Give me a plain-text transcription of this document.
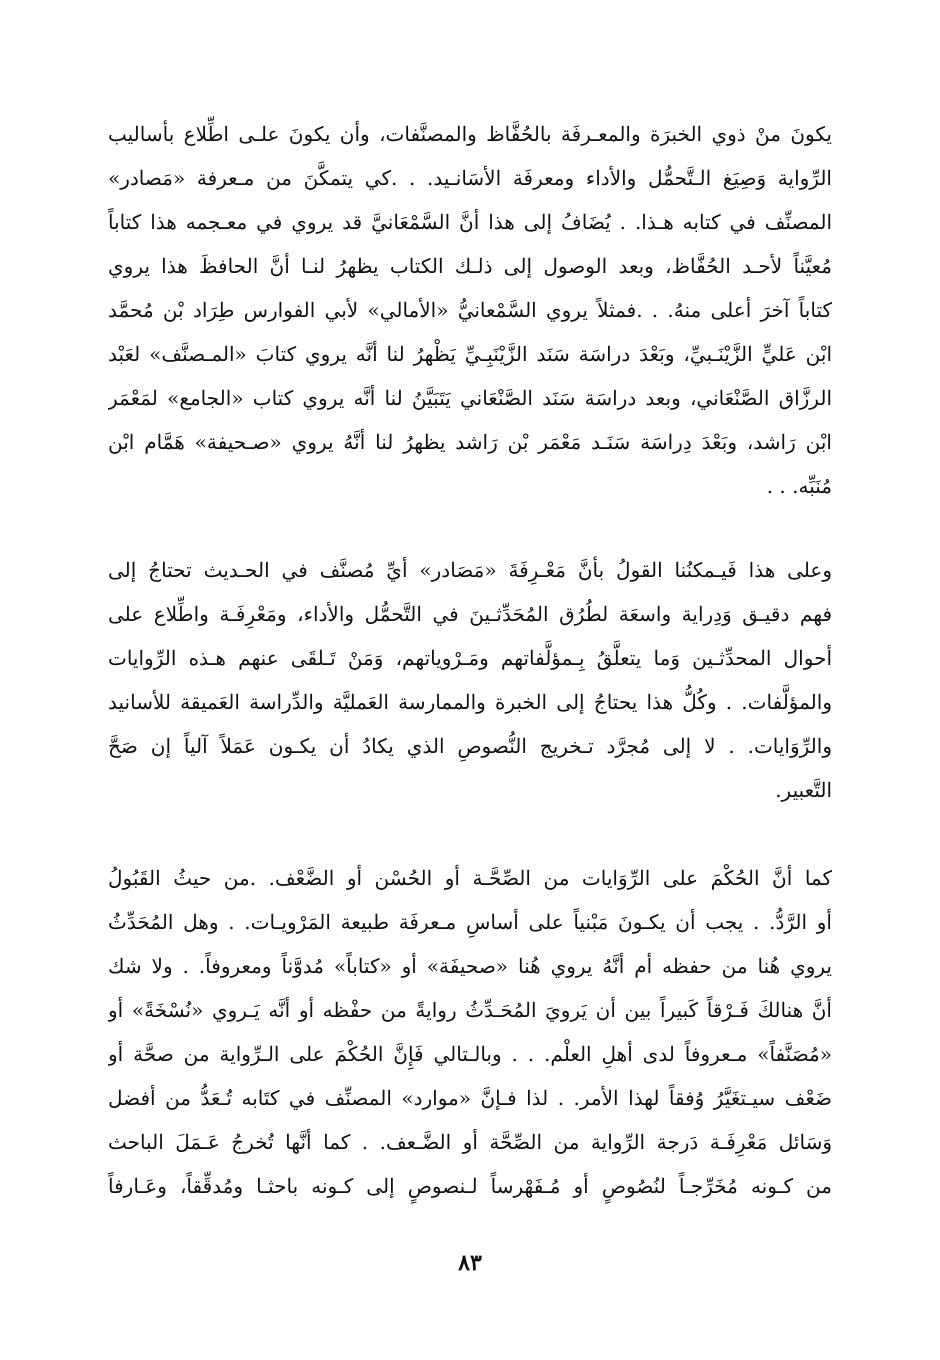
يكونَ منْ ذوي الخبرَة والمعـرفَة بالحُفَّاظ والمصنَّفات، وأن يكونَ علـى اطِّلاع بأساليب
الرِّواية وَصِيَغ الـتَّحمُّل والأداء ومعرفَة الأسَانـيد. . .كي يتمكَّنَ من مـعرفة «مَصادر»
المصنِّف في كتابه هـذا. . يُضَافُ إلى هذا أنَّ السَّمْعَانيَّ قد يروي في معـجمه هذا كتاباً
مُعيَّناً لأحـد الحُفَّاظ، وبعد الوصول إلى ذلـك الكتاب يظهرُ لنـا أنَّ الحافظَ هذا يروي
كتاباً آخرَ أعلى منهُ. . .فمثلاً يروي السَّمْعانيُّ «الأمالي» لأبي الفوارس طِرَاد بْن مُحمَّد
ابْن عَليٍّ الزَّيْنَـبيِّ، وبَعْدَ دراسَة سَنَد الزَّيْنَبِـيِّ يَظْهرُ لنا أنَّه يروي كتابَ «المـصنَّف» لعَبْد
الرزَّاق الصَّنْعَاني، وبعد دراسَة سَنَد الصَّنْعَاني يَتَبَيَّنُ لنا أنَّه يروي كتاب «الجامع» لمَعْمَر
ابْن رَاشد، وبَعْدَ دِراسَة سَنَـد مَعْمَر بْن رَاشد يظهرُ لنا أنَّهُ يروي «صـحيفة» هَمَّام ابْن
مُنَبِّه. . .
وعلى هذا فَيـمكنُنا القولُ بأنَّ مَعْـرِفَةَ «مَصَادر» أيِّ مُصنَّف في الحـديث تحتاجُ إلى
فهم دقيـق وَدِراية واسعَة لطُرُق المُحَدِّثـينَ في التَّحمُّل والأداء، ومَعْرِفَـة واطِّلاع على
أحوال المحدِّثـين وَما يتعلَّقُ بِـمؤلَّفاتهم ومَـرْوياتهم، وَمَنْ تَـلقَى عنهم هـذه الرِّوايات
والمؤلَّفات. . وكُلُّ هذا يحتاجُ إلى الخبرة والممارسة العَمليَّة والدِّراسة العَميقة للأسانيد
والرِّوَايات. . لا إلى مُجرَّد تـخريج النُّصوصِ الذي يكادُ أن يكـون عَمَلاً آلياً إن صَحَّ
التَّعبير.
كما أنَّ الحُكْمَ على الرِّوَايات من الصِّحَّـة أو الحُسْن أو الضَّعْف. .من حيثُ القَبُولُ
أو الرَّدُّ. . يجب أن يكـونَ مَبْنياً على أساسِ مـعرفَة طبيعة المَرْويـات. . وهل المُحَدِّثُ
يروي هُنا من حفظه أم أنَّهُ يروي هُنا «صحيفَة» أو «كتاباً» مُدوَّناً ومعروفاً. . ولا شك
أنَّ هنالكَ فَـرْقاً كَبيراً بين أن يَرويَ المُحَـدِّثُ روايةً من حفْظه أو أنَّه يَـروي «نُسْخَةً» أو
«مُصَنَّفاً» مـعروفاً لدى أهلِ العلْم. . . وبالـتالي فَإِنَّ الحُكْمَ على الـرِّواية من صحَّة أو
ضَعْف سيـتغَيَّرُ وُفقاً لهذا الأمر. . لذا فـإنَّ «موارد» المصنِّف في كتَابه تُـعَدُّ من أفضل
وَسَائل مَعْرِفَـة دَرجة الرِّواية من الصِّحَّة أو الضَّـعف. . كما أنَّها تُخرجُ عَـمَلَ الباحث
من كـونه مُخَرِّجـاً لنُصُوصٍ أو مُـفَهْرساً لـنصوصٍ إلى كـونه باحثـا ومُدقِّقاً، وعَـارفاً
٨٣
